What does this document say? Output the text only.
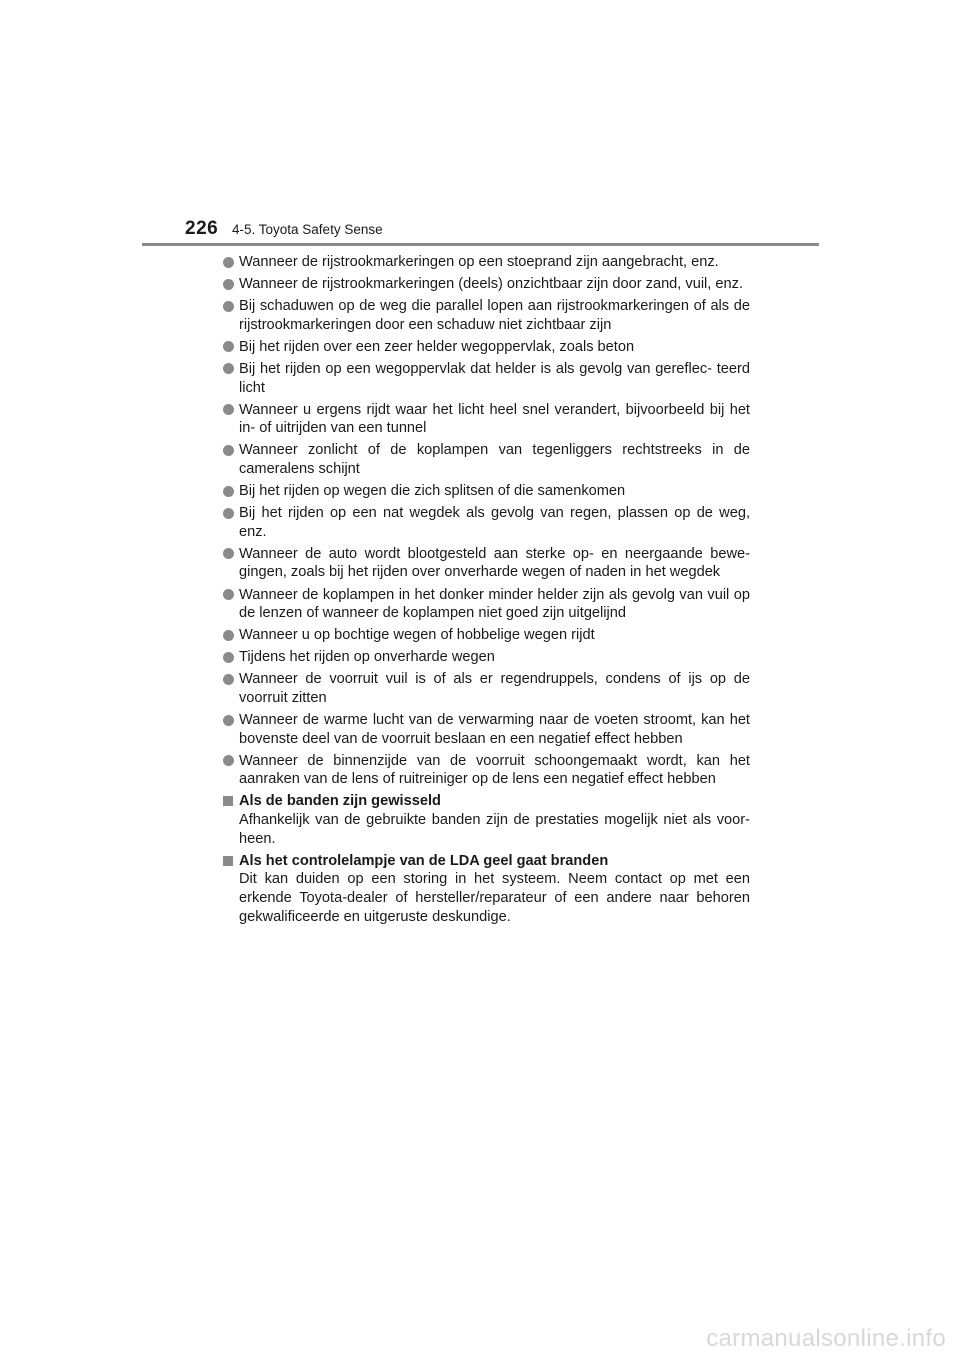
226 4-5. Toyota Safety Sense
Wanneer de rijstrookmarkeringen op een stoeprand zijn aangebracht, enz.
Wanneer de rijstrookmarkeringen (deels) onzichtbaar zijn door zand, vuil, enz.
Bij schaduwen op de weg die parallel lopen aan rijstrookmarkeringen of als de rijstrookmarkeringen door een schaduw niet zichtbaar zijn
Bij het rijden over een zeer helder wegoppervlak, zoals beton
Bij het rijden op een wegoppervlak dat helder is als gevolg van gereflec- teerd licht
Wanneer u ergens rijdt waar het licht heel snel verandert, bijvoorbeeld bij het in- of uitrijden van een tunnel
Wanneer zonlicht of de koplampen van tegenliggers rechtstreeks in de cameralens schijnt
Bij het rijden op wegen die zich splitsen of die samenkomen
Bij het rijden op een nat wegdek als gevolg van regen, plassen op de weg, enz.
Wanneer de auto wordt blootgesteld aan sterke op- en neergaande bewe- gingen, zoals bij het rijden over onverharde wegen of naden in het wegdek
Wanneer de koplampen in het donker minder helder zijn als gevolg van vuil op de lenzen of wanneer de koplampen niet goed zijn uitgelijnd
Wanneer u op bochtige wegen of hobbelige wegen rijdt
Tijdens het rijden op onverharde wegen
Wanneer de voorruit vuil is of als er regendruppels, condens of ijs op de voorruit zitten
Wanneer de warme lucht van de verwarming naar de voeten stroomt, kan het bovenste deel van de voorruit beslaan en een negatief effect hebben
Wanneer de binnenzijde van de voorruit schoongemaakt wordt, kan het aanraken van de lens of ruitreiniger op de lens een negatief effect hebben
Als de banden zijn gewisseld
Afhankelijk van de gebruikte banden zijn de prestaties mogelijk niet als voor- heen.
Als het controlelampje van de LDA geel gaat branden
Dit kan duiden op een storing in het systeem. Neem contact op met een erkende Toyota-dealer of hersteller/reparateur of een andere naar behoren gekwalificeerde en uitgeruste deskundige.
carmanualsonline.info
